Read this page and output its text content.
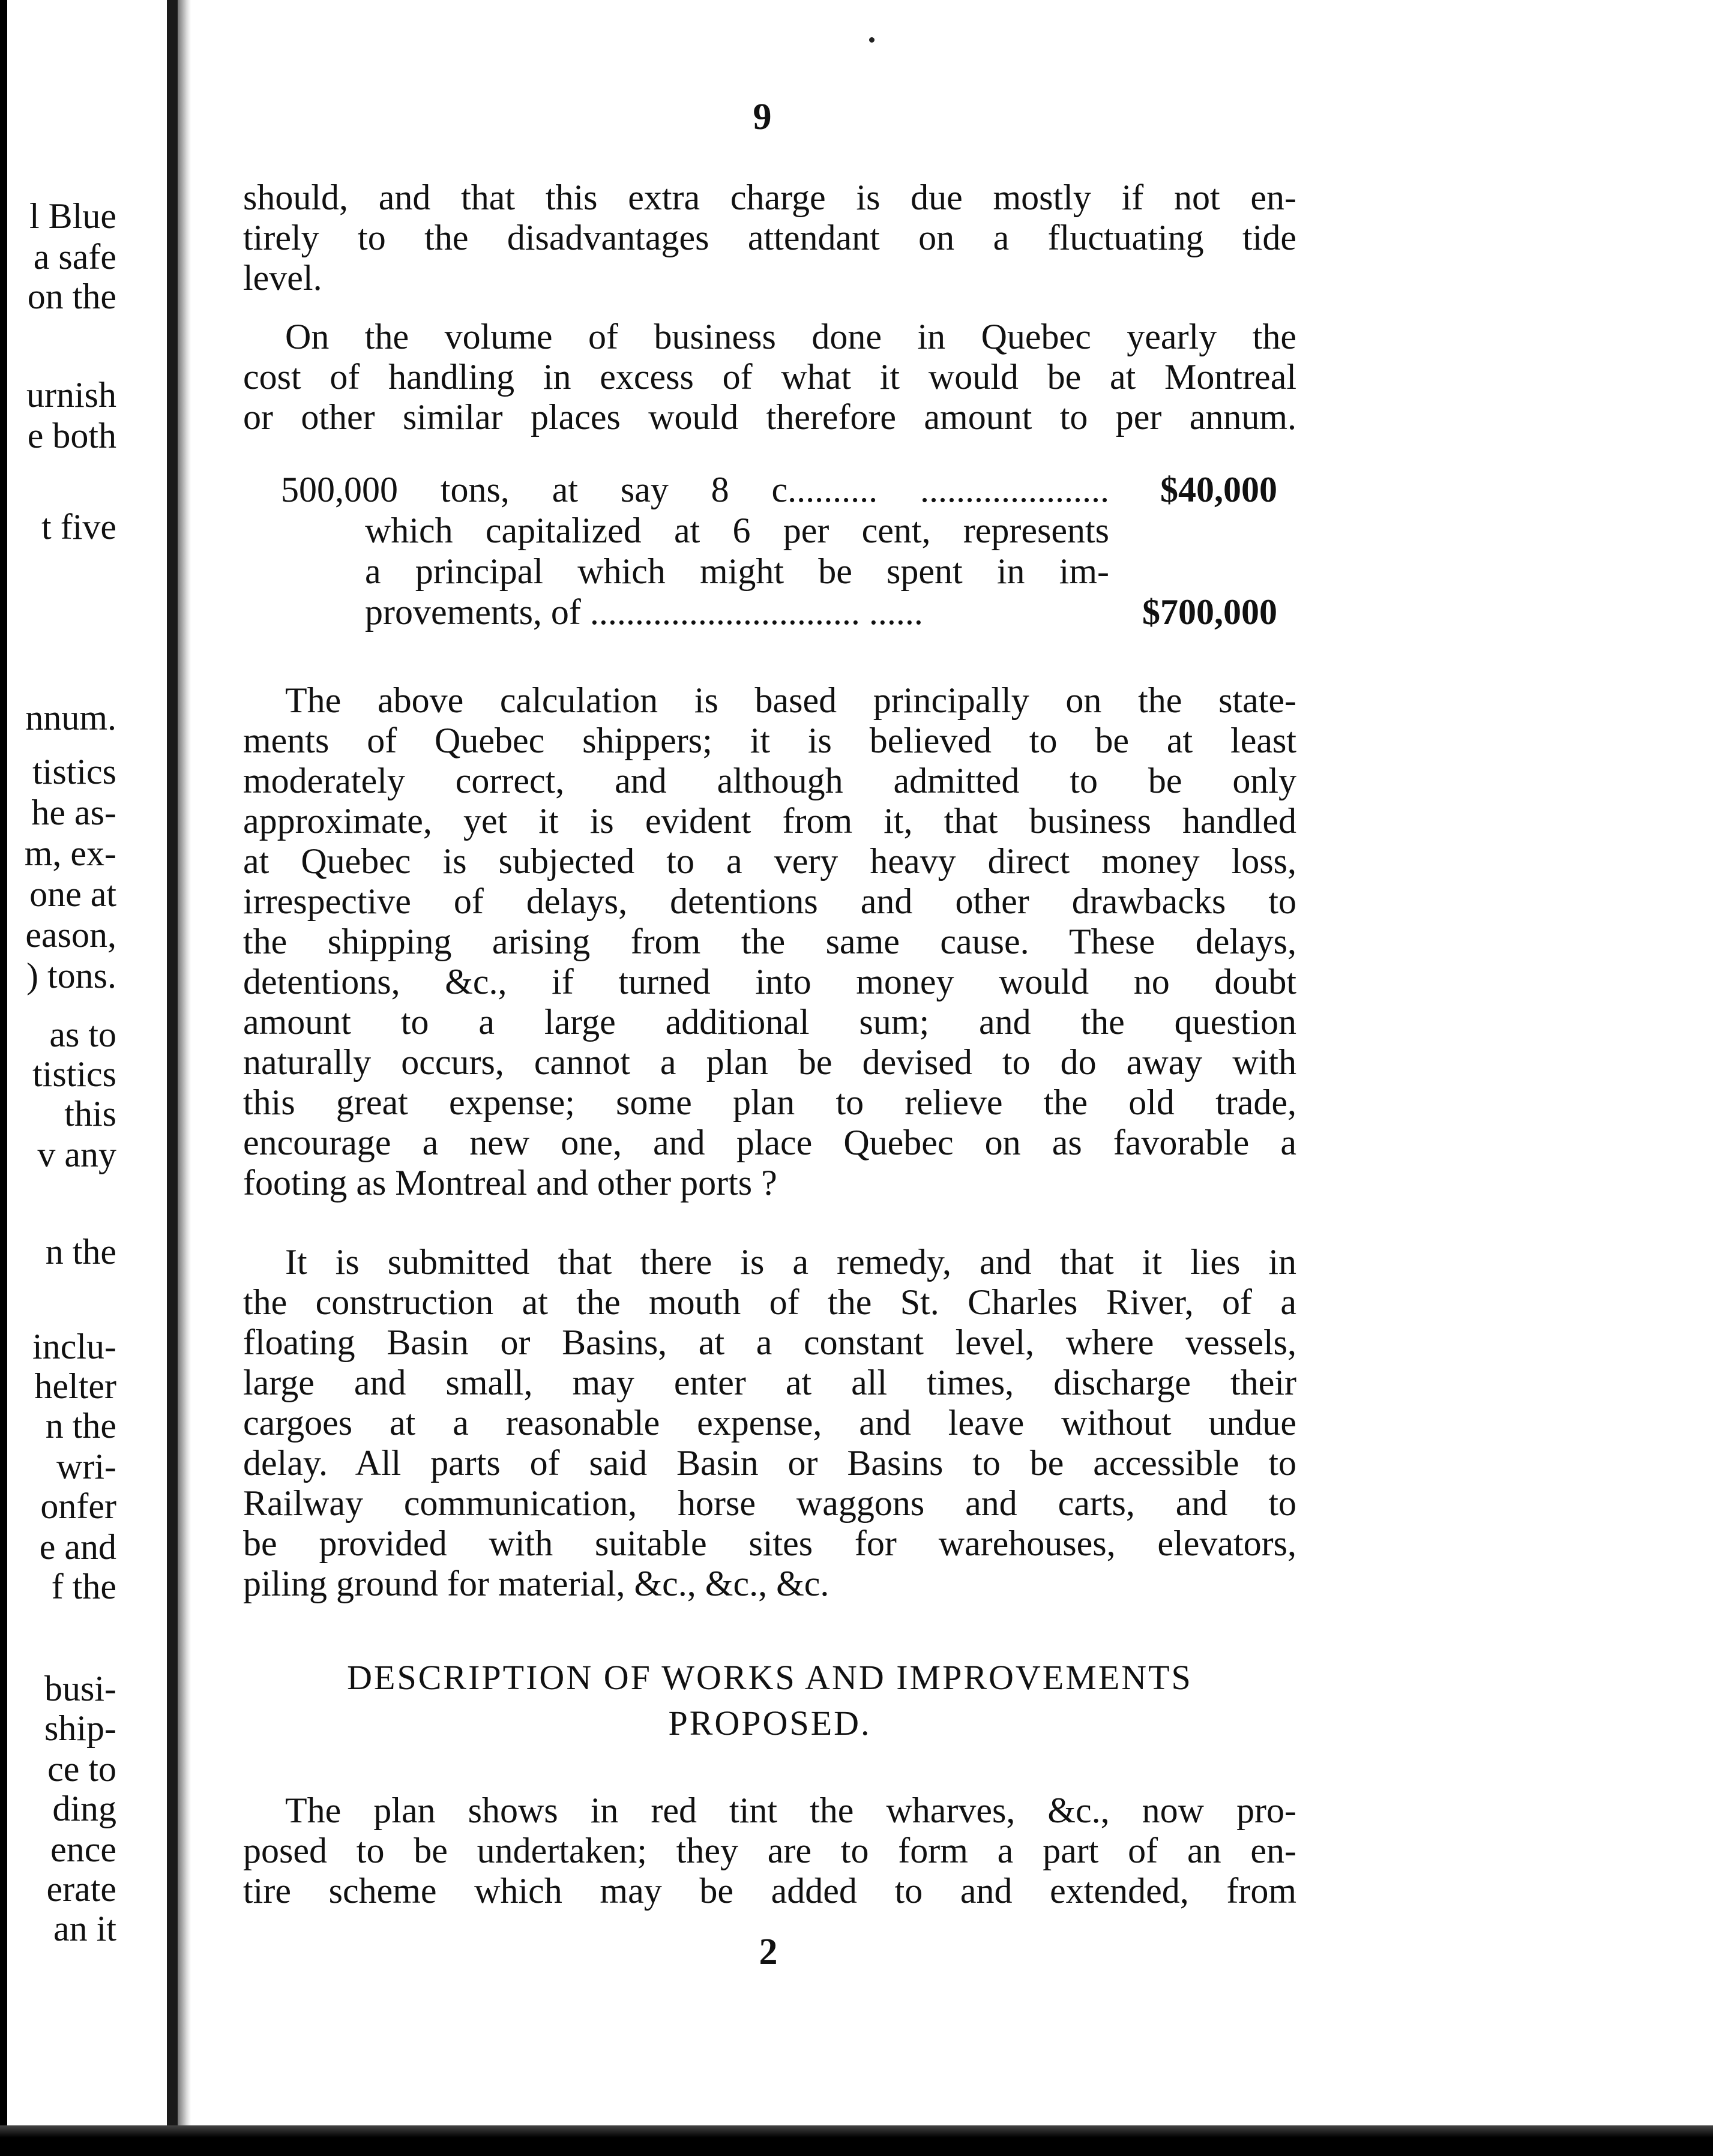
l Blue
a safe
on the
urnish
e both
t five
nnum.
tistics
he as-
m, ex-
one at
eason,
) tons.
as to
tistics
this
v any
n the
inclu-
helter
n the
wri-
onfer
e and
f the
busi-
ship-
ce to
ding
ence
erate
an it
9
should, and that this extra charge is due mostly if not en-
tirely to the disadvantages attendant on a fluctuating tide
level.
On the volume of business done in Quebec yearly the
cost of handling in excess of what it would be at Montreal
or other similar places would therefore amount to per annum.
500,000 tons, at say 8 c.......... ..................... $40,000
which capitalized at 6 per cent, represents
a principal which might be spent in im-
provements, of .............................. ......	$700,000
The above calculation is based principally on the state-
ments of Quebec shippers; it is believed to be at least
moderately correct, and although admitted to be only
approximate, yet it is evident from it, that business handled
at Quebec is subjected to a very heavy direct money loss,
irrespective of delays, detentions and other drawbacks to
the shipping arising from the same cause. These delays,
detentions, &c., if turned into money would no doubt
amount to a large additional sum; and the question
naturally occurs, cannot a plan be devised to do away with
this great expense; some plan to relieve the old trade,
encourage a new one, and place Quebec on as favorable a
footing as Montreal and other ports ?
It is submitted that there is a remedy, and that it lies in
the construction at the mouth of the St. Charles River, of a
floating Basin or Basins, at a constant level, where vessels,
large and small, may enter at all times, discharge their
cargoes at a reasonable expense, and leave without undue
delay. All parts of said Basin or Basins to be accessible to
Railway communication, horse waggons and carts, and to
be provided with suitable sites for warehouses, elevators,
piling ground for material, &c., &c., &c.
DESCRIPTION OF WORKS AND IMPROVEMENTS
PROPOSED.
The plan shows in red tint the wharves, &c., now pro-
posed to be undertaken; they are to form a part of an en-
tire scheme which may be added to and extended, from
2
